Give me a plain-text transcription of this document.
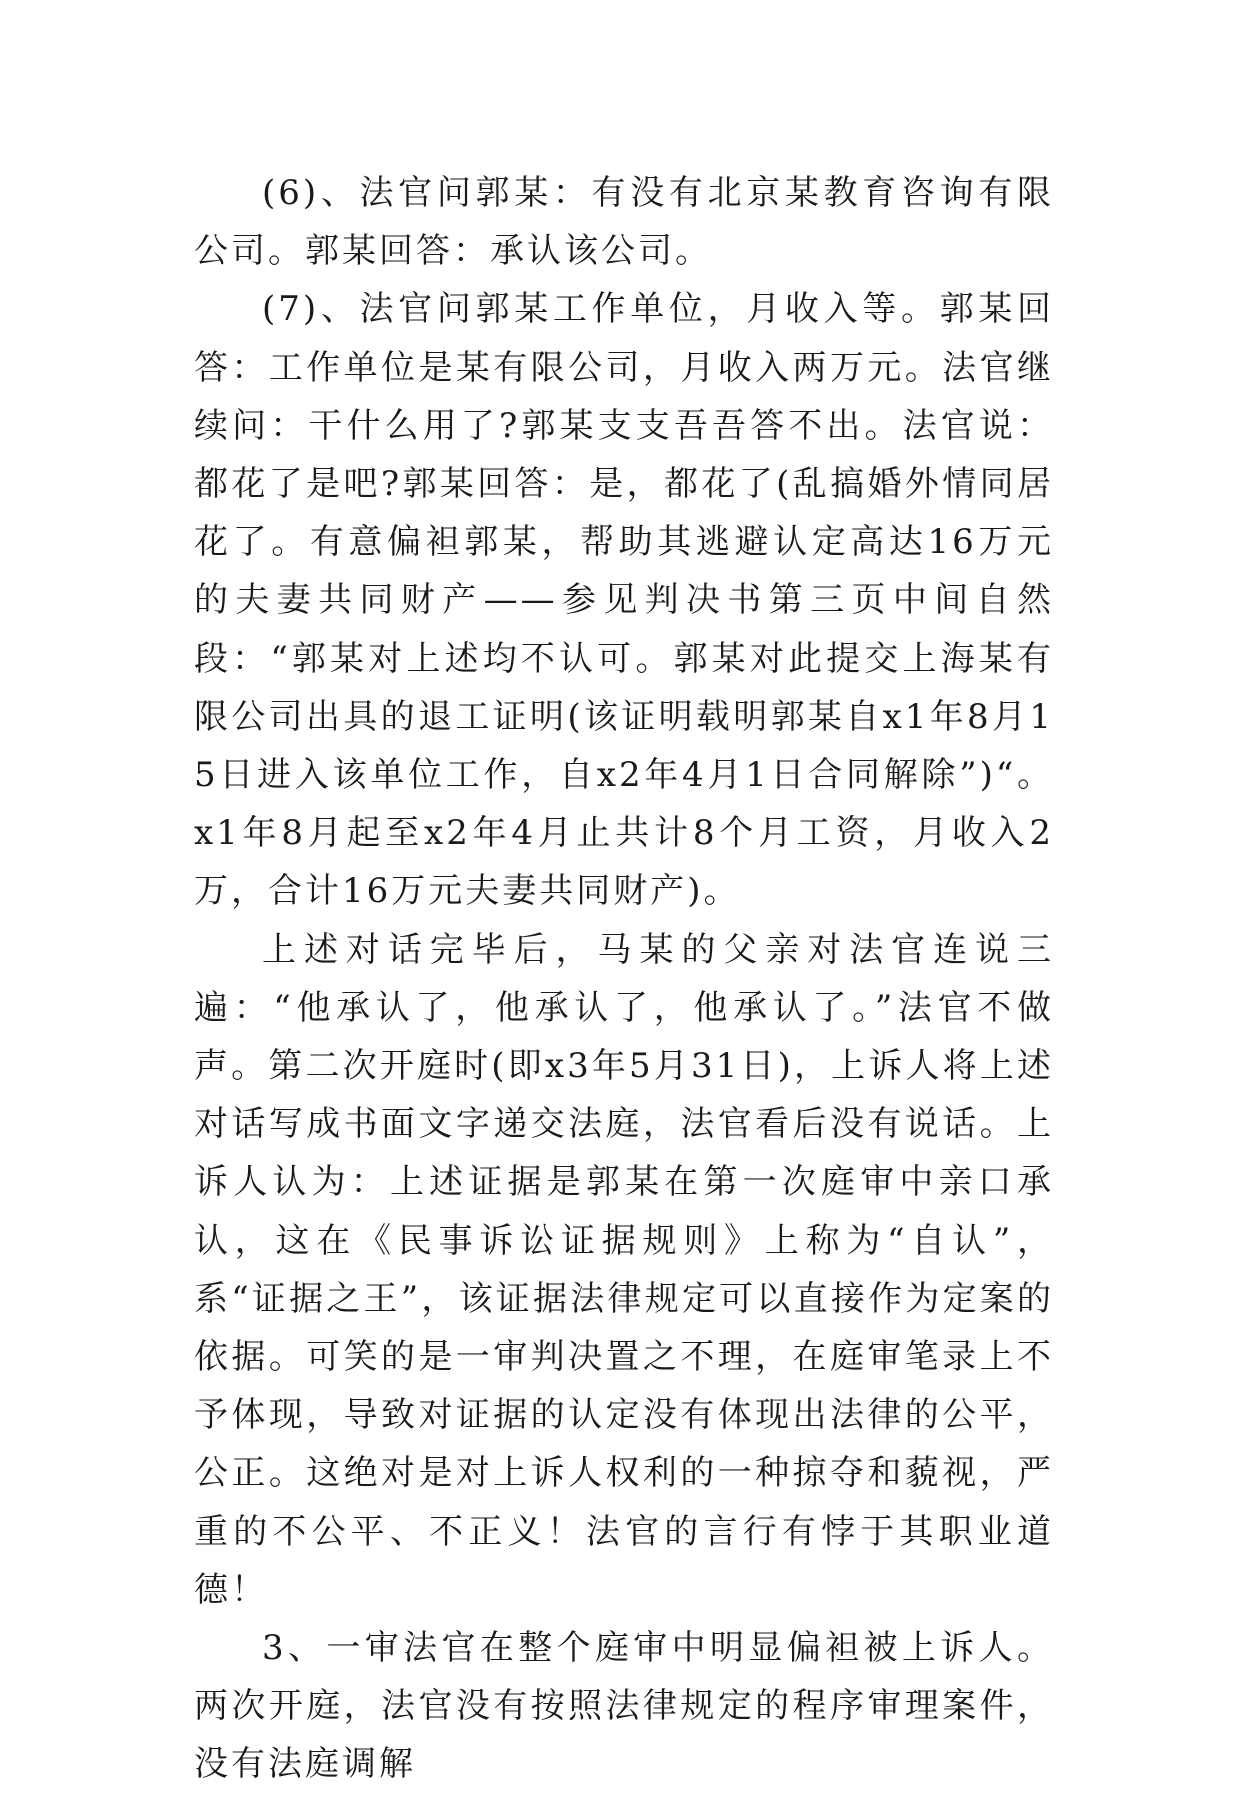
(6)、法官问郭某：有没有北京某教育咨询有限公司。郭某回答：承认该公司。

(7)、法官问郭某工作单位，月收入等。郭某回答：工作单位是某有限公司，月收入两万元。法官继续问：干什么用了?郭某支支吾吾答不出。法官说：都花了是吧?郭某回答：是，都花了(乱搞婚外情同居花了。有意偏袒郭某，帮助其逃避认定高达16万元的夫妻共同财产——参见判决书第三页中间自然段：“郭某对上述均不认可。郭某对此提交上海某有限公司出具的退工证明(该证明载明郭某自x1年8月15日进入该单位工作，自x2年4月1日合同解除”)“。x1年8月起至x2年4月止共计8个月工资，月收入2万，合计16万元夫妻共同财产)。

上述对话完毕后，马某的父亲对法官连说三遍：“他承认了，他承认了，他承认了。”法官不做声。第二次开庭时(即x3年5月31日)，上诉人将上述对话写成书面文字递交法庭，法官看后没有说话。上诉人认为：上述证据是郭某在第一次庭审中亲口承认，这在《民事诉讼证据规则》上称为“自认”，系“证据之王”，该证据法律规定可以直接作为定案的依据。可笑的是一审判决置之不理，在庭审笔录上不予体现，导致对证据的认定没有体现出法律的公平，公正。这绝对是对上诉人权利的一种掠夺和藐视，严重的不公平、不正义！法官的言行有悖于其职业道德！

3、一审法官在整个庭审中明显偏袒被上诉人。两次开庭，法官没有按照法律规定的程序审理案件，没有法庭调解
